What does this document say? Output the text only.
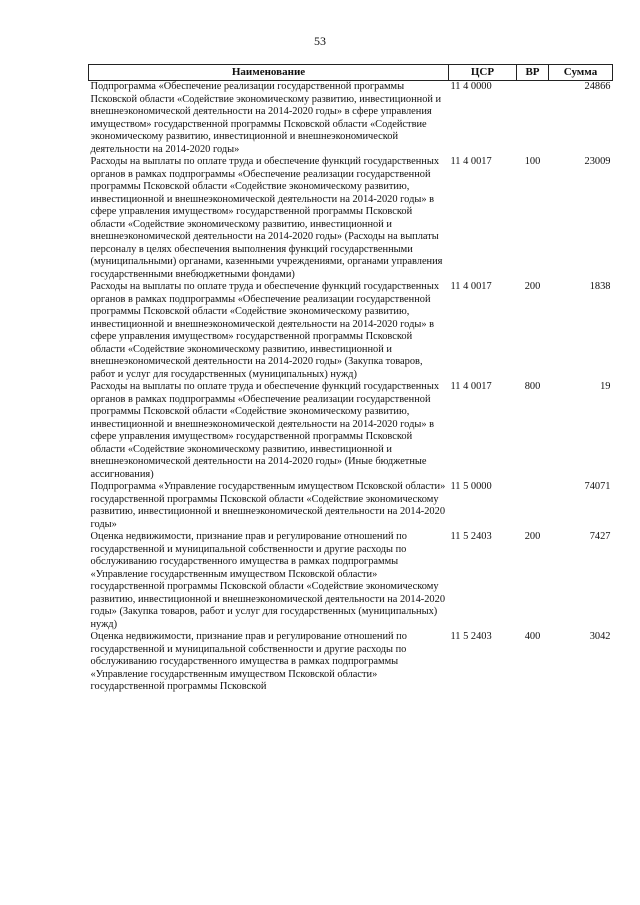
53
Наименование	ЦСР	ВР	Сумма
Подпрограмма «Обеспечение реализации государственной программы Псковской области «Содействие экономическому развитию, инвестиционной и внешнеэкономической деятельности на 2014-2020 годы» в сфере управления имуществом» государственной программы Псковской области «Содействие экономическому развитию, инвестиционной и внешнеэкономической деятельности на 2014-2020 годы»	11 4 0000		24866
Расходы на выплаты по оплате труда и обеспечение функций государственных органов в рамках подпрограммы «Обеспечение реализации государственной программы Псковской области «Содействие экономическому развитию, инвестиционной и внешнеэкономической деятельности на 2014-2020 годы» в сфере управления имуществом» государственной программы Псковской области «Содействие экономическому развитию, инвестиционной и внешнеэкономической деятельности на 2014-2020 годы» (Расходы на выплаты персоналу в целях обеспечения выполнения функций государственными (муниципальными) органами, казенными учреждениями, органами управления государственными внебюджетными фондами)	11 4 0017	100	23009
Расходы на выплаты по оплате труда и обеспечение функций государственных органов в рамках подпрограммы «Обеспечение реализации государственной программы Псковской области «Содействие экономическому развитию, инвестиционной и внешнеэкономической деятельности на 2014-2020 годы» в сфере управления имуществом» государственной программы Псковской области «Содействие экономическому развитию, инвестиционной и внешнеэкономической деятельности на 2014-2020 годы» (Закупка товаров, работ и услуг для государственных (муниципальных) нужд)	11 4 0017	200	1838
Расходы на выплаты по оплате труда и обеспечение функций государственных органов в рамках подпрограммы «Обеспечение реализации государственной программы Псковской области «Содействие экономическому развитию, инвестиционной и внешнеэкономической деятельности на 2014-2020 годы» в сфере управления имуществом» государственной программы Псковской области «Содействие экономическому развитию, инвестиционной и внешнеэкономической деятельности на 2014-2020 годы» (Иные бюджетные ассигнования)	11 4 0017	800	19
Подпрограмма «Управление государственным имуществом Псковской области» государственной программы Псковской области «Содействие экономическому развитию, инвестиционной и внешнеэкономической деятельности на 2014-2020 годы»	11 5 0000		74071
Оценка недвижимости, признание прав и регулирование отношений по государственной и муниципальной собственности и другие расходы по обслуживанию государственного имущества в рамках подпрограммы «Управление государственным имуществом Псковской области» государственной программы Псковской области «Содействие экономическому развитию, инвестиционной и внешнеэкономической деятельности на 2014-2020 годы» (Закупка товаров, работ и услуг для государственных (муниципальных) нужд)	11 5 2403	200	7427
Оценка недвижимости, признание прав и регулирование отношений по государственной и муниципальной собственности и другие расходы по обслуживанию государственного имущества в рамках подпрограммы «Управление государственным имуществом Псковской области» государственной программы Псковской	11 5 2403	400	3042
